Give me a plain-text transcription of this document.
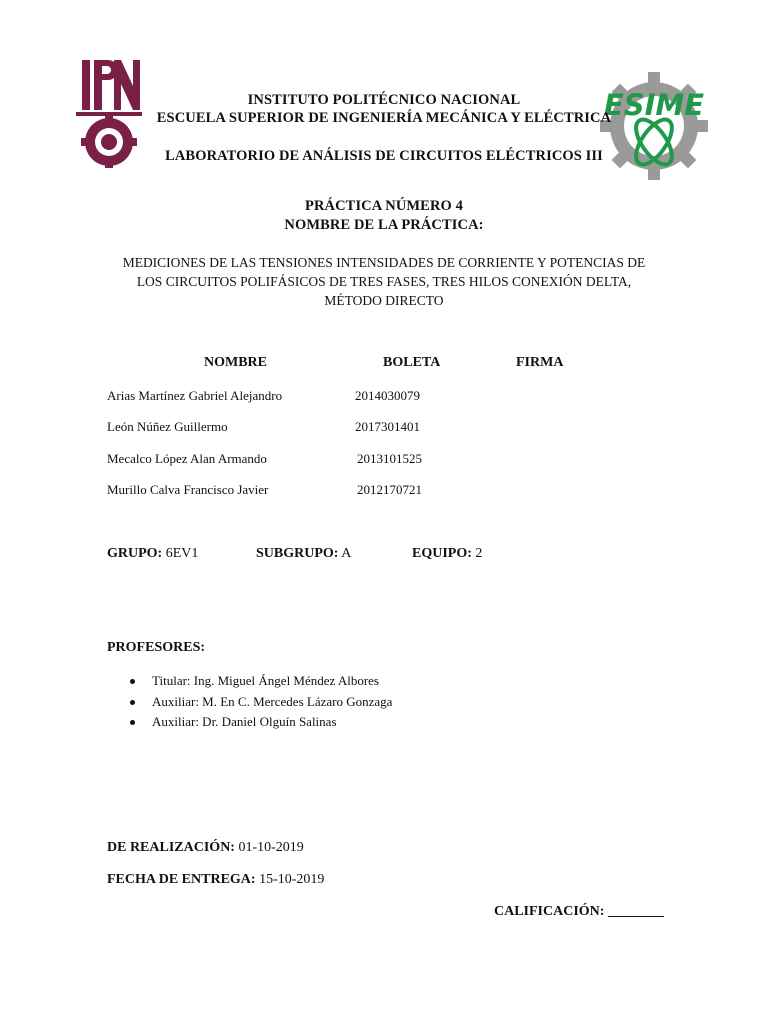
ESIME
INSTITUTO POLITÉCNICO NACIONAL
ESCUELA SUPERIOR DE INGENIERÍA MECÁNICA Y ELÉCTRICA
LABORATORIO DE ANÁLISIS DE CIRCUITOS ELÉCTRICOS III
PRÁCTICA NÚMERO 4
NOMBRE DE LA PRÁCTICA:
MEDICIONES DE LAS TENSIONES INTENSIDADES DE CORRIENTE Y POTENCIAS DE
LOS CIRCUITOS POLIFÁSICOS DE TRES FASES, TRES HILOS CONEXIÓN DELTA,
MÉTODO DIRECTO
NOMBRE	BOLETA	FIRMA
Arias Martínez Gabriel Alejandro	2014030079
León Núñez Guillermo	2017301401
Mecalco López Alan Armando	2013101525
Murillo Calva Francisco Javier	2012170721
GRUPO: 6EV1	SUBGRUPO: A	EQUIPO: 2
PROFESORES:
Titular: Ing. Miguel Ángel Méndez Albores
Auxiliar: M. En C. Mercedes Lázaro Gonzaga
Auxiliar: Dr. Daniel Olguín Salinas
DE REALIZACIÓN: 01-10-2019
FECHA DE ENTREGA: 15-10-2019
CALIFICACIÓN: ________
